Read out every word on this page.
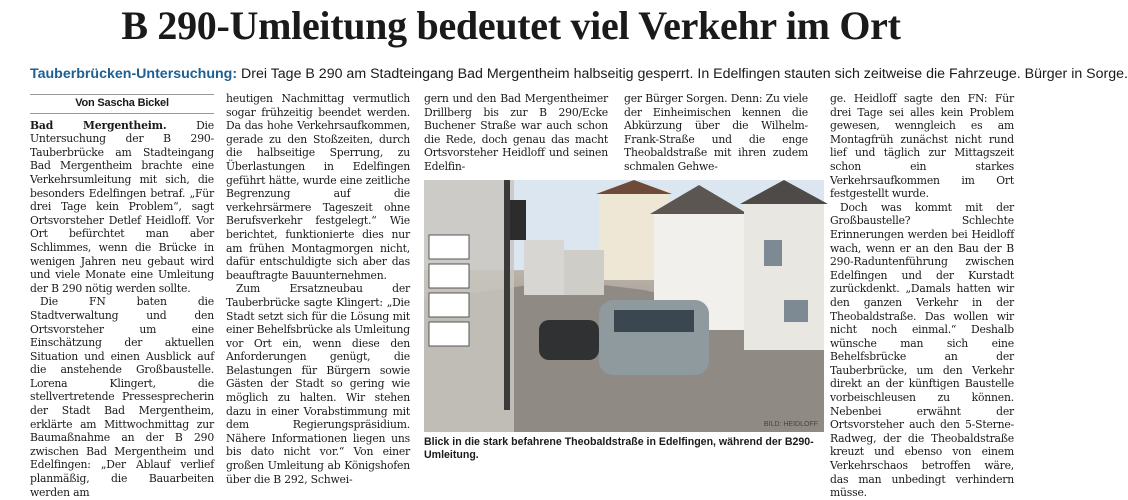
B 290-Umleitung bedeutet viel Verkehr im Ort
Tauberbrücken-Untersuchung: Drei Tage B 290 am Stadteingang Bad Mergentheim halbseitig gesperrt. In Edelfingen stauten sich zeitweise die Fahrzeuge. Bürger in Sorge.
Von Sascha Bickel

Bad Mergentheim. Die Untersuchung der B 290-Tauberbrücke am Stadteingang Bad Mergentheim brachte eine Verkehrsumleitung mit sich, die besonders Edelfingen betraf. „Für drei Tage kein Problem“, sagt Ortsvorsteher Detlef Heidloff. Vor Ort befürchtet man aber Schlimmes, wenn die Brücke in wenigen Jahren neu gebaut wird und viele Monate eine Umleitung der B 290 nötig werden sollte.

Die FN baten die Stadtverwaltung und den Ortsvorsteher um eine Einschätzung der aktuellen Situation und einen Ausblick auf die anstehende Großbaustelle. Lorena Klingert, die stellvertretende Pressesprecherin der Stadt Bad Mergentheim, erklärte am Mittwochmittag zur Baumaßnahme an der B 290 zwischen Bad Mergentheim und Edelfingen: „Der Ablauf verlief planmäßig, die Bauarbeiten werden am

heutigen Nachmittag vermutlich sogar frühzeitig beendet werden. Da das hohe Verkehrsaufkommen, gerade zu den Stoßzeiten, durch die halbseitige Sperrung, zu Überlastungen in Edelfingen geführt hätte, wurde eine zeitliche Begrenzung auf die verkehrsärmere Tageszeit ohne Berufsverkehr festgelegt.“ Wie berichtet, funktionierte dies nur am frühen Montagmorgen nicht, dafür entschuldigte sich aber das beauftragte Bauunternehmen.

Zum Ersatzneubau der Tauberbrücke sagte Klingert: „Die Stadt setzt sich für die Lösung mit einer Behelfsbrücke als Umleitung vor Ort ein, wenn diese den Anforderungen genügt, die Belastungen für Bürgern sowie Gästen der Stadt so gering wie möglich zu halten. Wir stehen dazu in einer Vorabstimmung mit dem Regierungspräsidium. Nähere Informationen liegen uns bis dato nicht vor.“ Von einer großen Umleitung ab Königshofen über die B 292, Schwei-

gern und den Bad Mergentheimer Drillberg bis zur B 290/Ecke Buchener Straße war auch schon die Rede, doch genau das macht Ortsvorsteher Heidloff und seinen Edelfin-

ger Bürger Sorgen. Denn: Zu viele der Einheimischen kennen die Abkürzung über die Wilhelm-Frank-Straße und die enge Theobaldstraße mit ihren zudem schmalen Gehwe-

ge. Heidloff sagte den FN: Für drei Tage sei alles kein Problem gewesen, wenngleich es am Montagfrüh zunächst nicht rund lief und täglich zur Mittagszeit schon ein starkes Verkehrsaufkommen im Ort festgestellt wurde.

Doch was kommt mit der Großbaustelle? Schlechte Erinnerungen werden bei Heidloff wach, wenn er an den Bau der B 290-Raduntenführung zwischen Edelfingen und der Kurstadt zurückdenkt. „Damals hatten wir den ganzen Verkehr in der Theobaldstraße. Das wollen wir nicht noch einmal.“ Deshalb wünsche man sich eine Behelfsbrücke an der Tauberbrücke, um den Verkehr direkt an der künftigen Baustelle vorbeischleusen zu können. Nebenbei erwähnt der Ortsvorsteher auch den 5-Sterne-Radweg, der die Theobaldstraße kreuzt und ebenso von einem Verkehrschaos betroffen wäre, das man unbedingt verhindern müsse.

BILD: HEIDLOFF
Blick in die stark befahrene Theobaldstraße in Edelfingen, während der B290-Umleitung.
